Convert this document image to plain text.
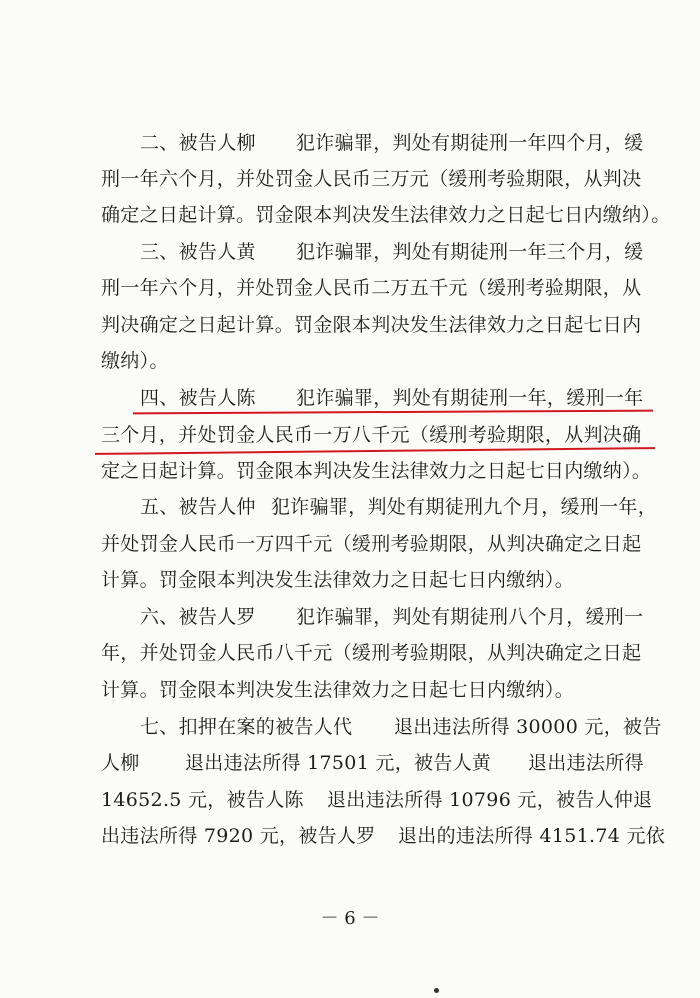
二、被告人柳 犯诈骗罪，判处有期徒刑一年四个月，缓
刑一年六个月，并处罚金人民币三万元（缓刑考验期限，从判决
确定之日起计算。罚金限本判决发生法律效力之日起七日内缴纳）。
三、被告人黄 犯诈骗罪，判处有期徒刑一年三个月，缓
刑一年六个月，并处罚金人民币二万五千元（缓刑考验期限，从
判决确定之日起计算。罚金限本判决发生法律效力之日起七日内
缴纳）。
四、被告人陈 犯诈骗罪，判处有期徒刑一年，缓刑一年
三个月，并处罚金人民币一万八千元（缓刑考验期限，从判决确
定之日起计算。罚金限本判决发生法律效力之日起七日内缴纳）。
五、被告人仲 犯诈骗罪，判处有期徒刑九个月，缓刑一年，
并处罚金人民币一万四千元（缓刑考验期限，从判决确定之日起
计算。罚金限本判决发生法律效力之日起七日内缴纳）。
六、被告人罗 犯诈骗罪，判处有期徒刑八个月，缓刑一
年，并处罚金人民币八千元（缓刑考验期限，从判决确定之日起
计算。罚金限本判决发生法律效力之日起七日内缴纳）。
七、扣押在案的被告人代 退出违法所得 30000 元，被告
人柳 退出违法所得 17501 元，被告人黄 退出违法所得
14652.5 元，被告人陈 退出违法所得 10796 元，被告人仲 退
出违法所得 7920 元，被告人罗 退出的违法所得 4151.74 元依
－ 6 －
